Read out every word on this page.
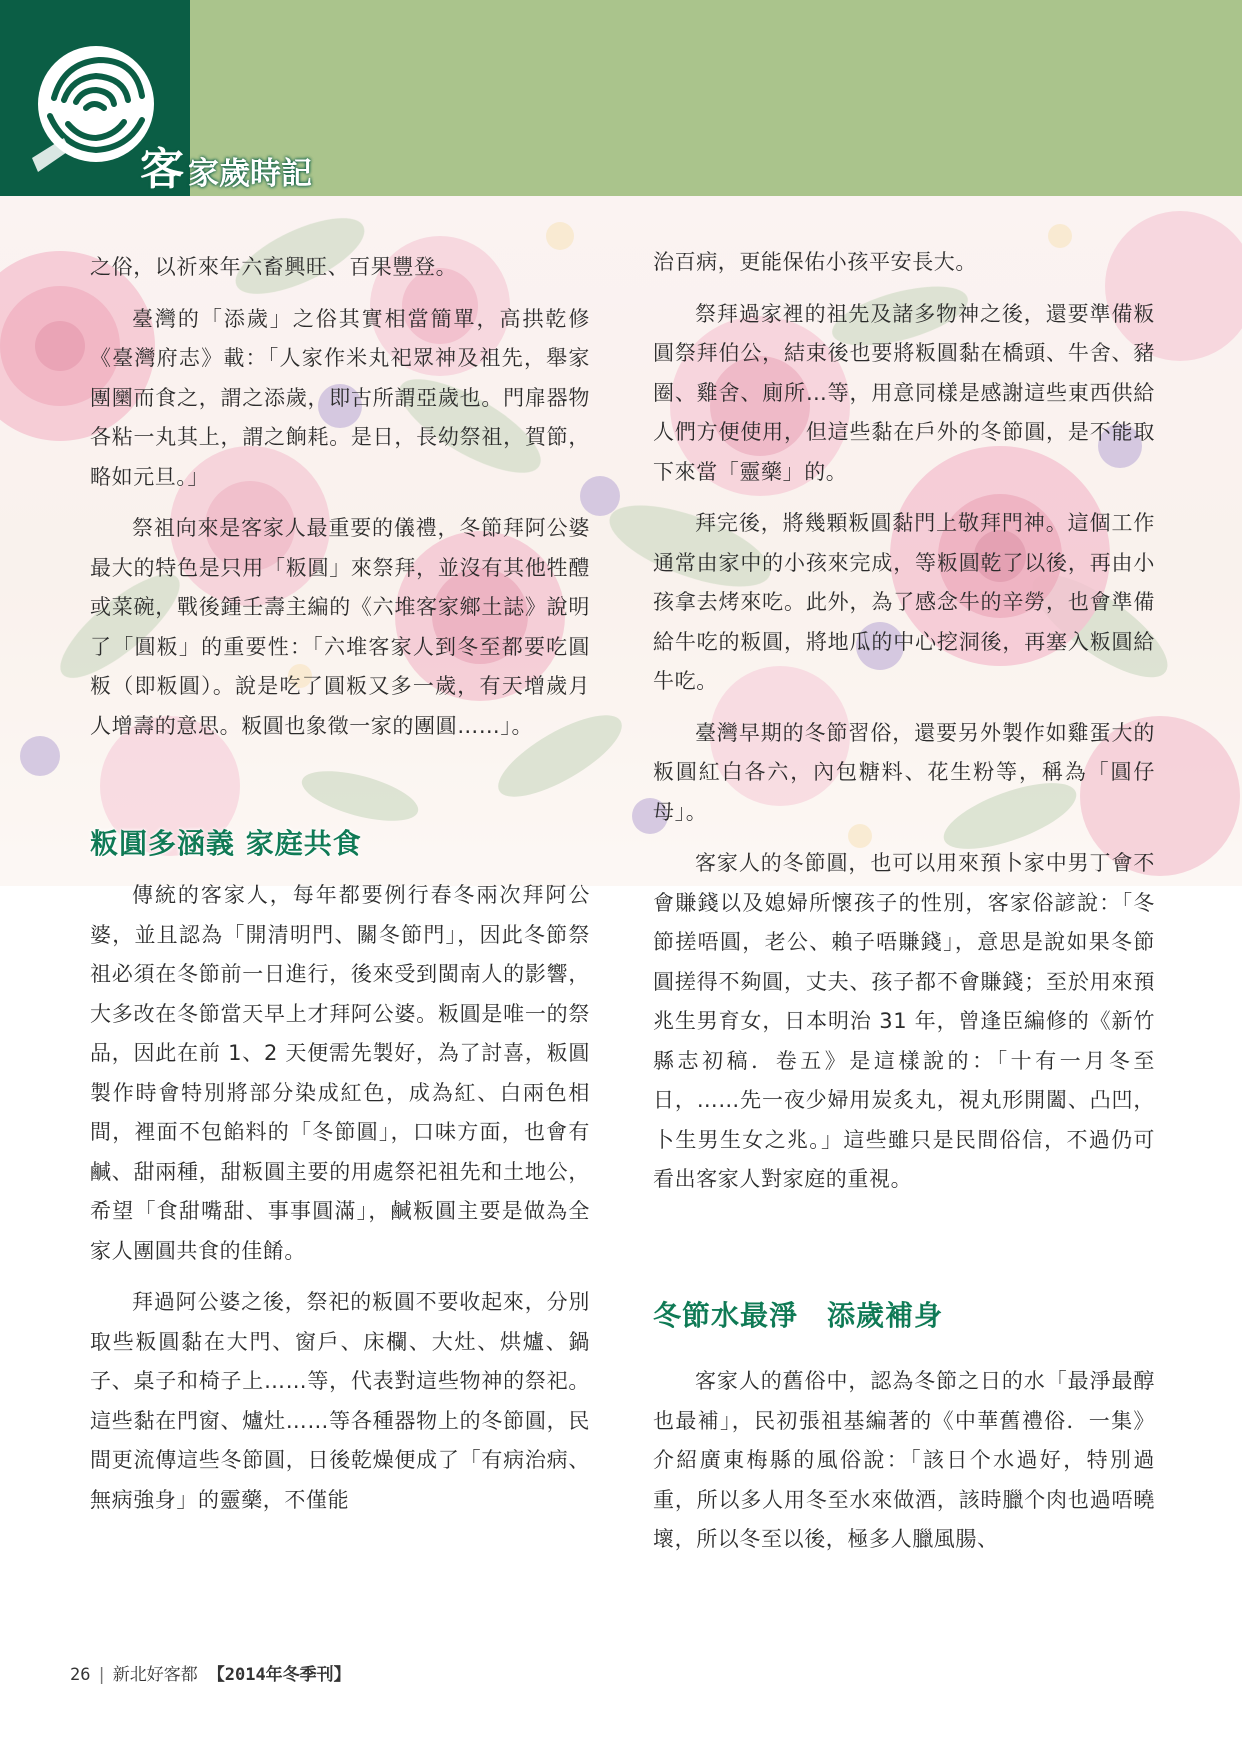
客 家歲時記

之俗，以祈來年六畜興旺、百果豐登。

臺灣的「添歲」之俗其實相當簡單，高拱乾修《臺灣府志》載：「人家作米丸祀眾神及祖先，舉家團圞而食之，謂之添歲，即古所謂亞歲也。門扉器物各粘一丸其上，謂之餉耗。是日，長幼祭祖，賀節，略如元旦。」

祭祖向來是客家人最重要的儀禮，冬節拜阿公婆最大的特色是只用「粄圓」來祭拜，並沒有其他牲醴或菜碗，戰後鍾壬壽主編的《六堆客家鄉土誌》說明了「圓粄」的重要性：「六堆客家人到冬至都要吃圓粄（即粄圓）。說是吃了圓粄又多一歲，有天增歲月人增壽的意思。粄圓也象徵一家的團圓……」。

粄圓多涵義 家庭共食

傳統的客家人，每年都要例行春冬兩次拜阿公婆，並且認為「開清明門、關冬節門」，因此冬節祭祖必須在冬節前一日進行，後來受到閩南人的影響，大多改在冬節當天早上才拜阿公婆。粄圓是唯一的祭品，因此在前 1、2 天便需先製好，為了討喜，粄圓製作時會特別將部分染成紅色，成為紅、白兩色相間，裡面不包餡料的「冬節圓」，口味方面，也會有鹹、甜兩種，甜粄圓主要的用處祭祀祖先和土地公，希望「食甜嘴甜、事事圓滿」，鹹粄圓主要是做為全家人團圓共食的佳餚。

拜過阿公婆之後，祭祀的粄圓不要收起來，分別取些粄圓黏在大門、窗戶、床欄、大灶、烘爐、鍋子、桌子和椅子上……等，代表對這些物神的祭祀。這些黏在門窗、爐灶……等各種器物上的冬節圓，民間更流傳這些冬節圓，日後乾燥便成了「有病治病、無病強身」的靈藥，不僅能

治百病，更能保佑小孩平安長大。

祭拜過家裡的祖先及諸多物神之後，還要準備粄圓祭拜伯公，結束後也要將粄圓黏在橋頭、牛舍、豬圈、雞舍、廁所…等，用意同樣是感謝這些東西供給人們方便使用，但這些黏在戶外的冬節圓，是不能取下來當「靈藥」的。

拜完後，將幾顆粄圓黏門上敬拜門神。這個工作通常由家中的小孩來完成，等粄圓乾了以後，再由小孩拿去烤來吃。此外，為了感念牛的辛勞，也會準備給牛吃的粄圓，將地瓜的中心挖洞後，再塞入粄圓給牛吃。

臺灣早期的冬節習俗，還要另外製作如雞蛋大的粄圓紅白各六，內包糖料、花生粉等，稱為「圓仔母」。

客家人的冬節圓，也可以用來預卜家中男丁會不會賺錢以及媳婦所懷孩子的性別，客家俗諺說：「冬節搓唔圓，老公、賴子唔賺錢」，意思是說如果冬節圓搓得不夠圓，丈夫、孩子都不會賺錢；至於用來預兆生男育女，日本明治 31 年，曾逢臣編修的《新竹縣志初稿．卷五》是這樣說的：「十有一月冬至日，……先一夜少婦用炭炙丸，視丸形開闔、凸凹，卜生男生女之兆。」這些雖只是民間俗信，不過仍可看出客家人對家庭的重視。

冬節水最淨　添歲補身

客家人的舊俗中，認為冬節之日的水「最淨最醇也最補」，民初張祖基編著的《中華舊禮俗．一集》介紹廣東梅縣的風俗說：「該日个水過好，特別過重，所以多人用冬至水來做酒，該時臘个肉也過唔曉壞，所以冬至以後，極多人臘風腸、

26 | 新北好客都 【2014年冬季刊】
